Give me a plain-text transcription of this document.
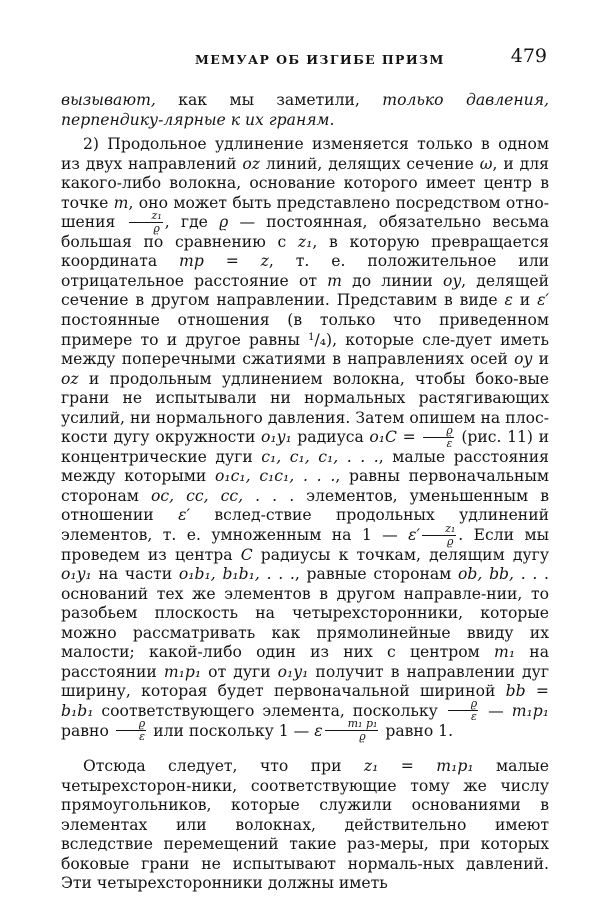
МЕМУАР ОБ ИЗГИБЕ ПРИЗМ	479

вызывают, как мы заметили, только давления, перпендику-лярные к их граням.

2) Продольное удлинение изменяется только в одном из двух направлений oz линий, делящих сечение ω, и для какого-либо волокна, основание которого имеет центр в точке m, оно может быть представлено посредством отно-шения $\frac{\text{z₁}}{ϱ}$ , где ϱ — постоянная, обязательно весьма большая по сравнению с z₁, в которую превращается координата mp = z, т. е. положительное или отрицательное расстояние от m до линии oy, делящей сечение в другом направлении. Представим в виде ε и ε′ постоянные отношения (в только что приведенном примере то и другое равны $^1$/₄), которые сле-дует иметь между поперечными сжатиями в направлениях осей oy и oz и продольным удлинением волокна, чтобы боко-вые грани не испытывали ни нормальных растягивающих усилий, ни нормального давления. Затем опишем на плос-кости дугу окружности o₁y₁ радиуса $o_1C = \frac{ϱ}{\varepsilon} (рис$. 11) и концентрические дуги c₁, c₁, c₁, . . ., малые расстояния между которыми o₁c₁, c₁c₁, . . ., равны первоначальным сторонам oc, cc, cc, . . . элементов, уменьшенным в отношении ε′ вслед-ствие продольных удлинений элементов, т. е. умноженным на 1 — $\varepsilon' \frac{\text{z₁}}{ϱ}$ . Если мы проведем из центра C радиусы к точкам, делящим дугу o₁y₁ на части o₁b₁, b₁b₁, . . ., равные сторонам ob, bb, . . . оснований тех же элементов в другом направле-нии, то разобьем плоскость на четырехсторонники, которые можно рассматривать как прямолинейные ввиду их малости; какой-либо один из них с центром m₁ на расстоянии m₁p₁ от дуги o₁y₁ получит в направлении дуг ширину, которая будет первоначальной шириной bb = b₁b₁ соответствующего элемента, поскольку $\frac{ϱ}{\varepsilon}$ — m₁p₁ равно $\frac{ϱ}{\varepsilon}$ или поскольку 1 — ε $\frac{\text{m₁ p₁}}{ϱ}$ равно 1.

Отсюда следует, что при z₁ = m₁p₁ малые четырехсторон-ники, соответствующие тому же числу прямоугольников, которые служили основаниями в элементах или волокнах, действительно имеют вследствие перемещений такие раз-меры, при которых боковые грани не испытывают нормаль-ных давлений. Эти четырехсторонники должны иметь
